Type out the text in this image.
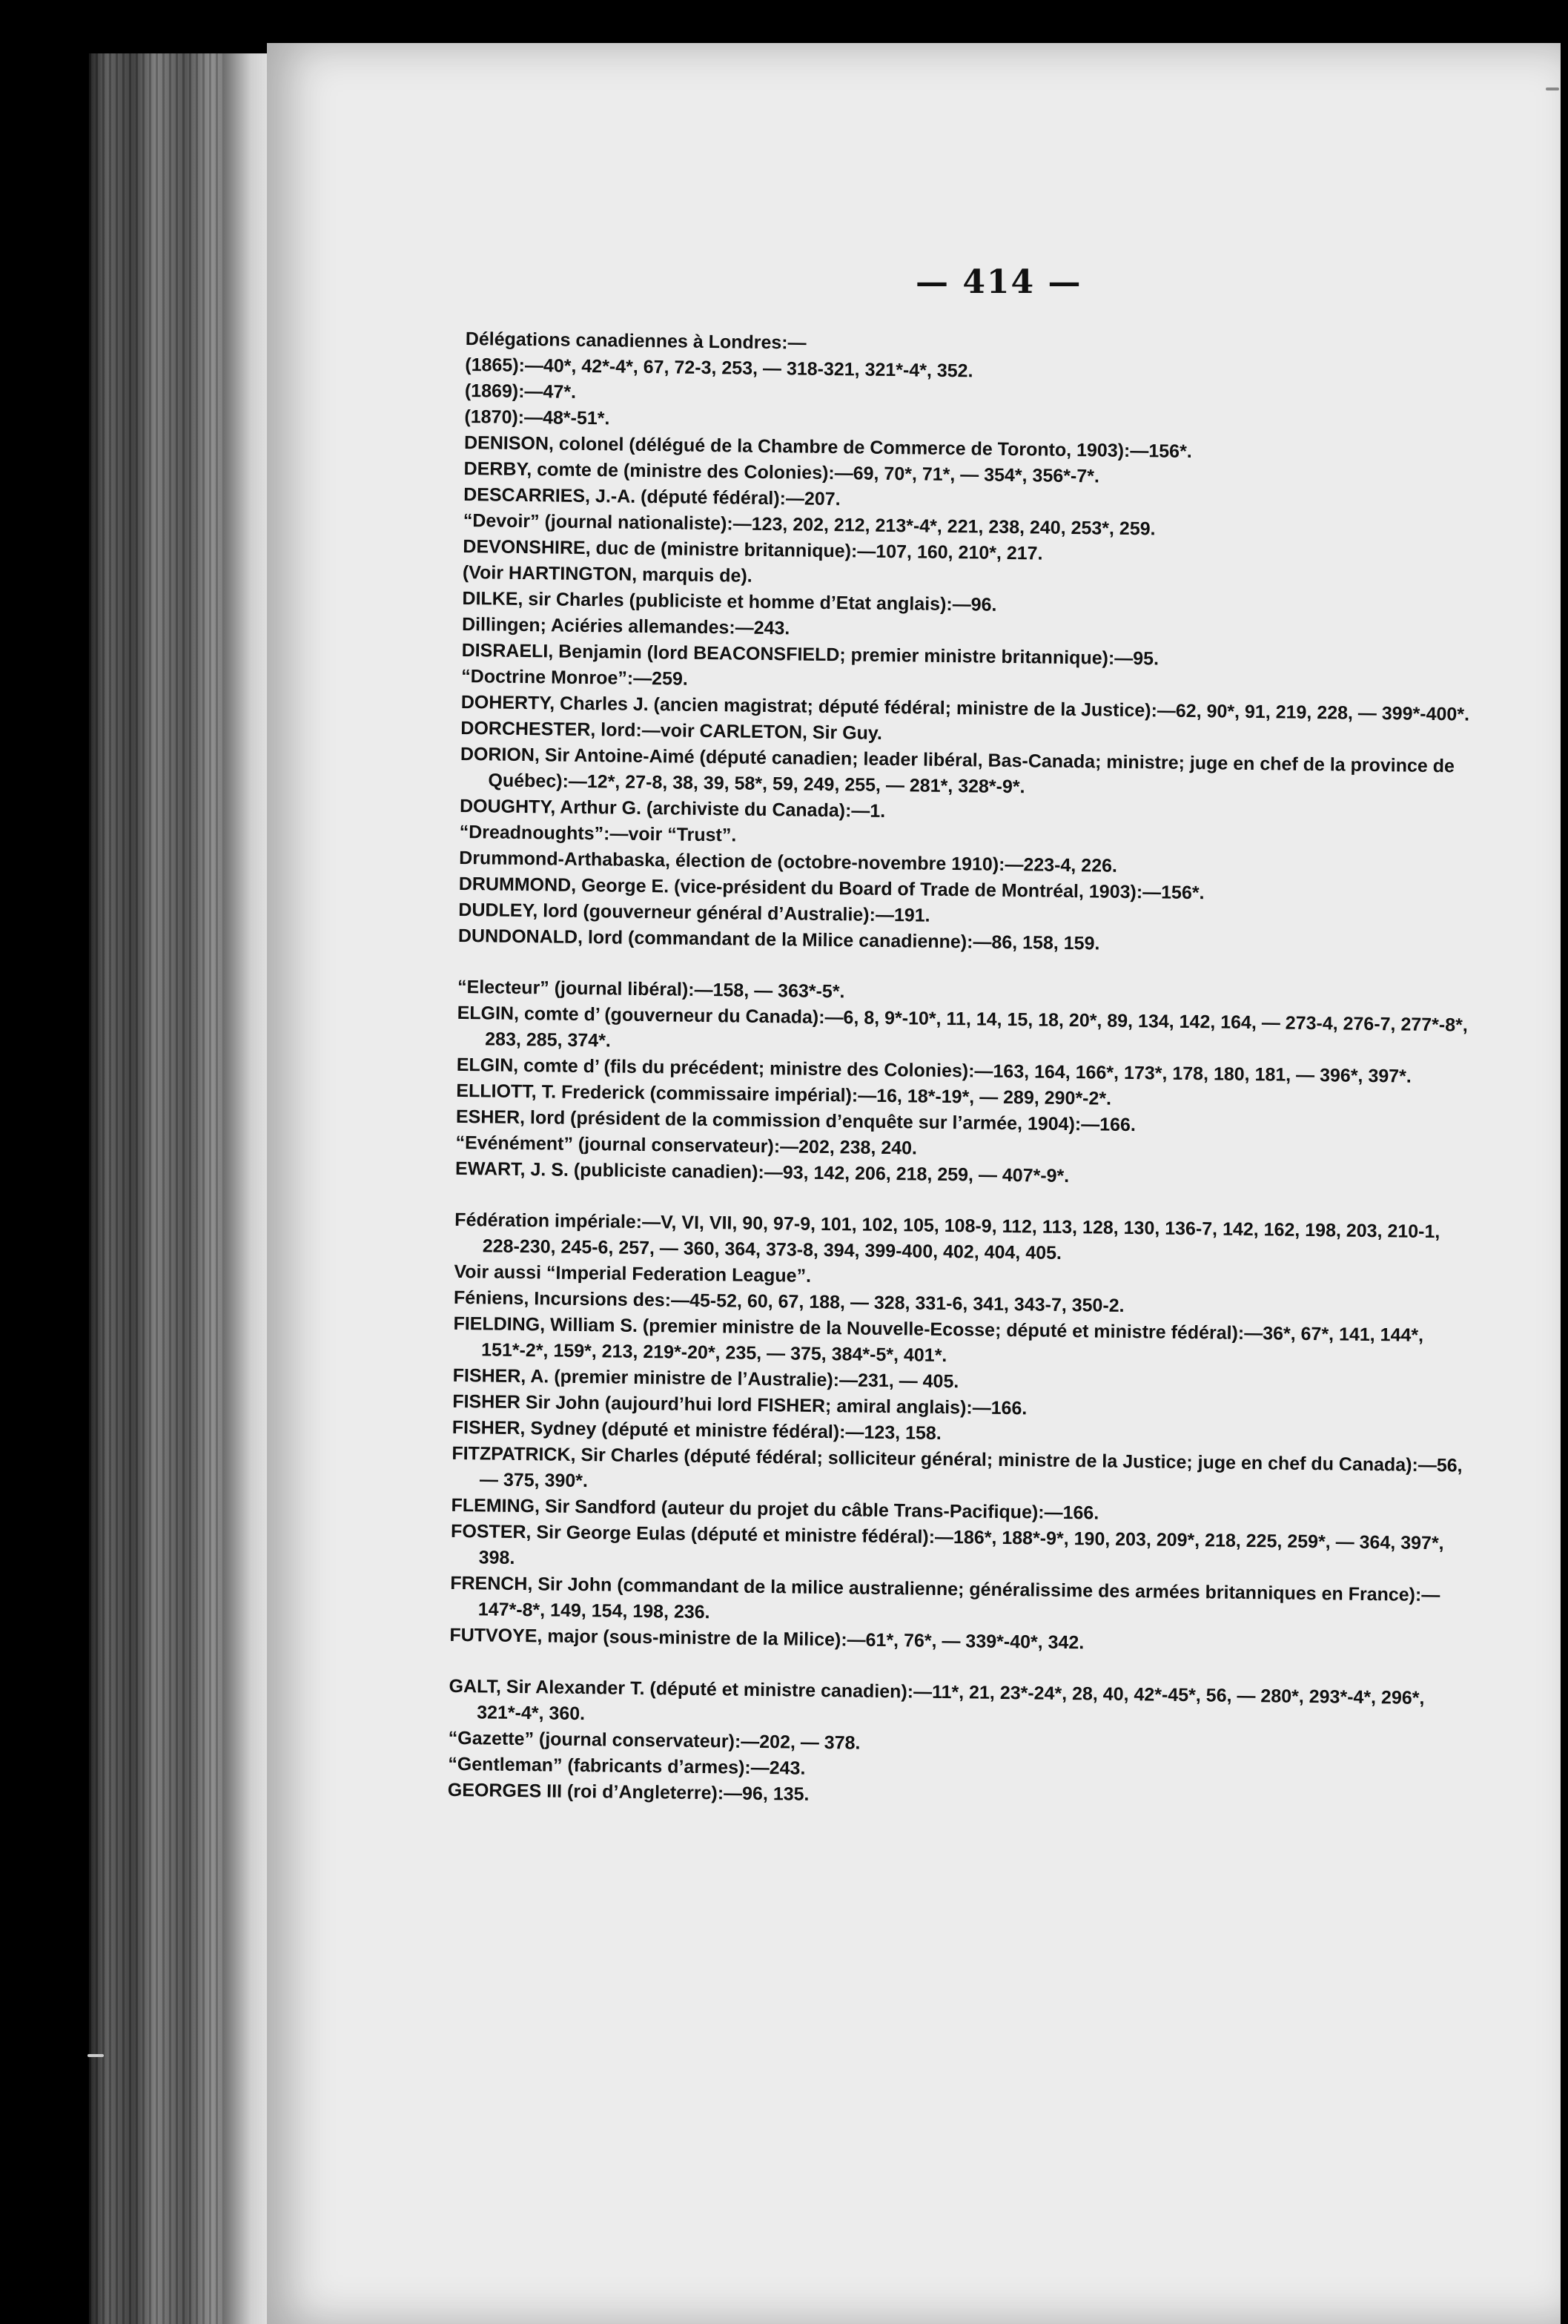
— 414 —

Délégations canadiennes à Londres:—

(1865):—40*, 42*-4*, 67, 72-3, 253, — 318-321, 321*-4*, 352.

(1869):—47*.

(1870):—48*-51*.

DENISON, colonel (délégué de la Chambre de Commerce de Toronto, 1903):—156*.

DERBY, comte de (ministre des Colonies):—69, 70*, 71*, — 354*, 356*-7*.

DESCARRIES, J.-A. (député fédéral):—207.

“Devoir” (journal nationaliste):—123, 202, 212, 213*-4*, 221, 238, 240, 253*, 259.

DEVONSHIRE, duc de (ministre britannique):—107, 160, 210*, 217.

(Voir HARTINGTON, marquis de).

DILKE, sir Charles (publiciste et homme d’Etat anglais):—96.

Dillingen; Aciéries allemandes:—243.

DISRAELI, Benjamin (lord BEACONSFIELD; premier ministre britannique):—95.

“Doctrine Monroe”:—259.

DOHERTY, Charles J. (ancien magistrat; député fédéral; ministre de la Justice):—62, 90*, 91, 219, 228, — 399*-400*.

DORCHESTER, lord:—voir CARLETON, Sir Guy.

DORION, Sir Antoine-Aimé (député canadien; leader libéral, Bas-Canada; ministre; juge en chef de la province de Québec):—12*, 27-8, 38, 39, 58*, 59, 249, 255, — 281*, 328*-9*.

DOUGHTY, Arthur G. (archiviste du Canada):—1.

“Dreadnoughts”:—voir “Trust”.

Drummond-Arthabaska, élection de (octobre-novembre 1910):—223-4, 226.

DRUMMOND, George E. (vice-président du Board of Trade de Montréal, 1903):—156*.

DUDLEY, lord (gouverneur général d’Australie):—191.

DUNDONALD, lord (commandant de la Milice canadienne):—86, 158, 159.

“Electeur” (journal libéral):—158, — 363*-5*.

ELGIN, comte d’ (gouverneur du Canada):—6, 8, 9*-10*, 11, 14, 15, 18, 20*, 89, 134, 142, 164, — 273-4, 276-7, 277*-8*, 283, 285, 374*.

ELGIN, comte d’ (fils du précédent; ministre des Colonies):—163, 164, 166*, 173*, 178, 180, 181, — 396*, 397*.

ELLIOTT, T. Frederick (commissaire impérial):—16, 18*-19*, — 289, 290*-2*.

ESHER, lord (président de la commission d’enquête sur l’armée, 1904):—166.

“Evénément” (journal conservateur):—202, 238, 240.

EWART, J. S. (publiciste canadien):—93, 142, 206, 218, 259, — 407*-9*.

Fédération impériale:—V, VI, VII, 90, 97-9, 101, 102, 105, 108-9, 112, 113, 128, 130, 136-7, 142, 162, 198, 203, 210-1, 228-230, 245-6, 257, — 360, 364, 373-8, 394, 399-400, 402, 404, 405.

Voir aussi “Imperial Federation League”.

Féniens, Incursions des:—45-52, 60, 67, 188, — 328, 331-6, 341, 343-7, 350-2.

FIELDING, William S. (premier ministre de la Nouvelle-Ecosse; député et ministre fédéral):—36*, 67*, 141, 144*, 151*-2*, 159*, 213, 219*-20*, 235, — 375, 384*-5*, 401*.

FISHER, A. (premier ministre de l’Australie):—231, — 405.

FISHER Sir John (aujourd’hui lord FISHER; amiral anglais):—166.

FISHER, Sydney (député et ministre fédéral):—123, 158.

FITZPATRICK, Sir Charles (député fédéral; solliciteur général; ministre de la Justice; juge en chef du Canada):—56, — 375, 390*.

FLEMING, Sir Sandford (auteur du projet du câble Trans-Pacifique):—166.

FOSTER, Sir George Eulas (député et ministre fédéral):—186*, 188*-9*, 190, 203, 209*, 218, 225, 259*, — 364, 397*, 398.

FRENCH, Sir John (commandant de la milice australienne; généralissime des armées britanniques en France):—147*-8*, 149, 154, 198, 236.

FUTVOYE, major (sous-ministre de la Milice):—61*, 76*, — 339*-40*, 342.

GALT, Sir Alexander T. (député et ministre canadien):—11*, 21, 23*-24*, 28, 40, 42*-45*, 56, — 280*, 293*-4*, 296*, 321*-4*, 360.

“Gazette” (journal conservateur):—202, — 378.

“Gentleman” (fabricants d’armes):—243.

GEORGES III (roi d’Angleterre):—96, 135.
